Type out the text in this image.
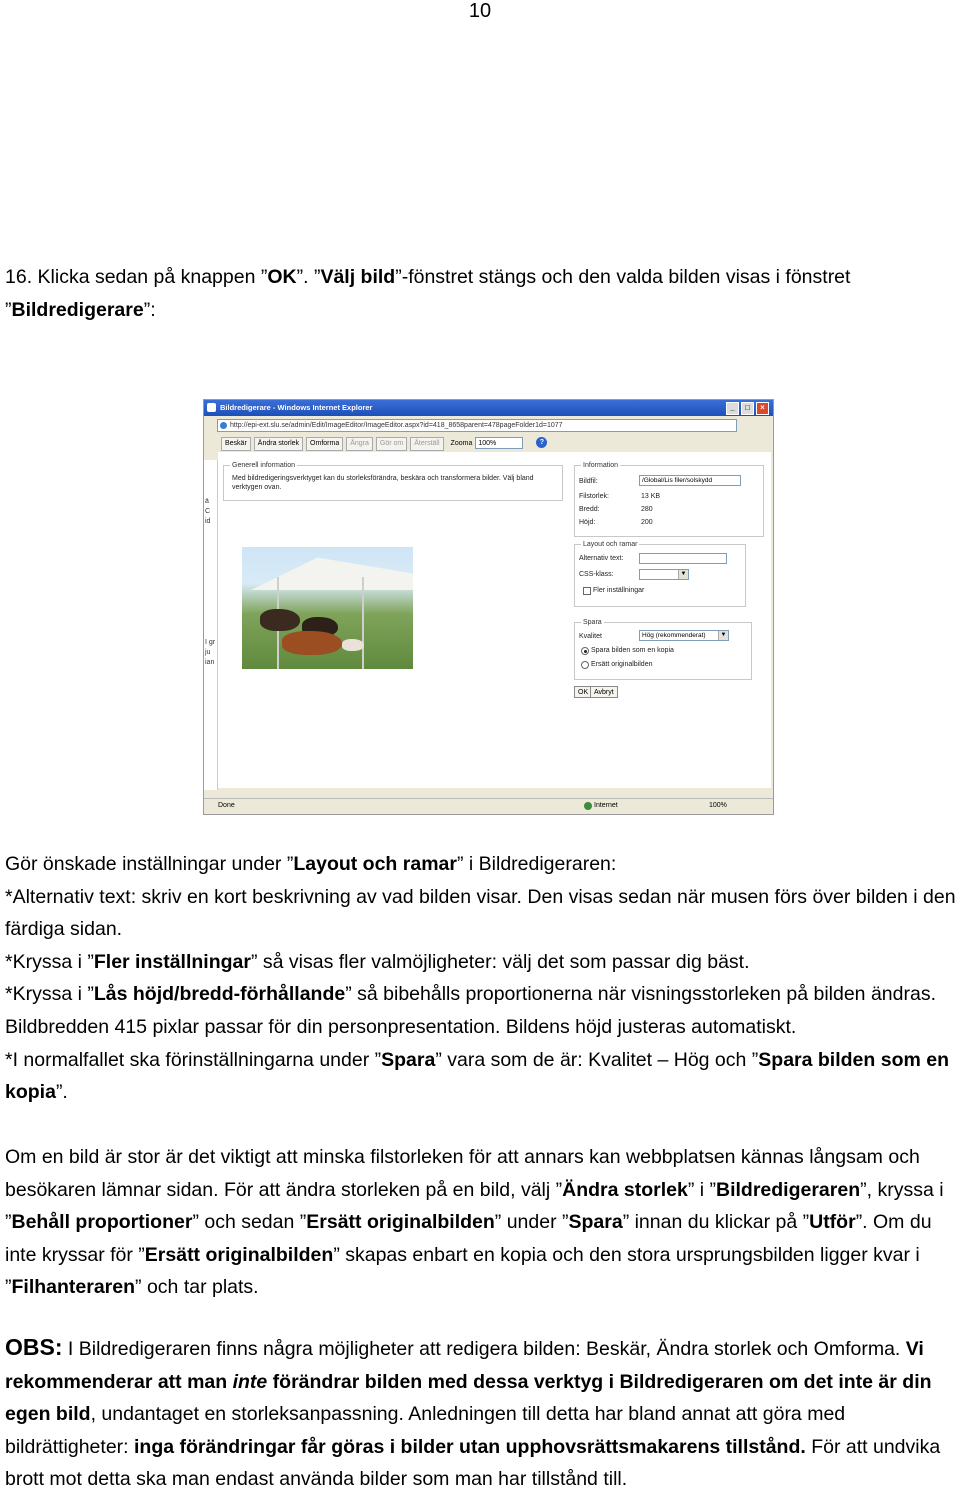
10

16. Klicka sedan på knappen ”OK”. ”Välj bild”-fönstret stängs och den valda bilden visas i fönstret
”Bildredigerare”:

Bildredigerare - Windows Internet Explorer	_	□	×
http://epi-ext.slu.se/admin/Edit/ImageEditor/ImageEditor.aspx?id=418_8658parent=478pageFolder1d=1077
Beskär	Ändra storlek	Omforma	Ångra	Gör om	Återställ	Zooma 100%	?
ä
C
id
I gr
ju
ian
Generell information
Med bildredigeringsverktyget kan du storleksförändra, beskära och transformera bilder. Välj bland verktygen ovan.
Information
Bildfil:	/Global/Lis filer/solskydd
Filstorlek:	13 KB
Bredd:	280
Höjd:	200
Layout och ramar
Alternativ text:
CSS-klass:	▼
Fler inställningar
Spara
Kvalitet	Hög (rekommenderat)	▼
Spara bilden som en kopia
Ersätt originalbilden
OK Avbryt
Done	Internet	100%

Gör önskade inställningar under ”Layout och ramar” i Bildredigeraren:
*Alternativ text: skriv en kort beskrivning av vad bilden visar. Den visas sedan när musen förs över bilden i den färdiga sidan.
*Kryssa i ”Fler inställningar” så visas fler valmöjligheter: välj det som passar dig bäst.
*Kryssa i ”Lås höjd/bredd-förhållande” så bibehålls proportionerna när visningsstorleken på bilden ändras. Bildbredden 415 pixlar passar för din personpresentation. Bildens höjd justeras automatiskt.
*I normalfallet ska förinställningarna under ”Spara” vara som de är: Kvalitet – Hög och ”Spara bilden som en kopia”.

Om en bild är stor är det viktigt att minska filstorleken för att annars kan webbplatsen kännas långsam och besökaren lämnar sidan. För att ändra storleken på en bild, välj ”Ändra storlek” i ”Bildredigeraren”, kryssa i ”Behåll proportioner” och sedan ”Ersätt originalbilden” under ”Spara” innan du klickar på ”Utför”. Om du inte kryssar för ”Ersätt originalbilden” skapas enbart en kopia och den stora ursprungsbilden ligger kvar i ”Filhanteraren” och tar plats.

OBS: I Bildredigeraren finns några möjligheter att redigera bilden: Beskär, Ändra storlek och Omforma. Vi rekommenderar att man inte förändrar bilden med dessa verktyg i Bildredigeraren om det inte är din egen bild, undantaget en storleksanpassning. Anledningen till detta har bland annat att göra med bildrättigheter: inga förändringar får göras i bilder utan upphovsrättsmakarens tillstånd. För att undvika brott mot detta ska man endast använda bilder som man har tillstånd till.
